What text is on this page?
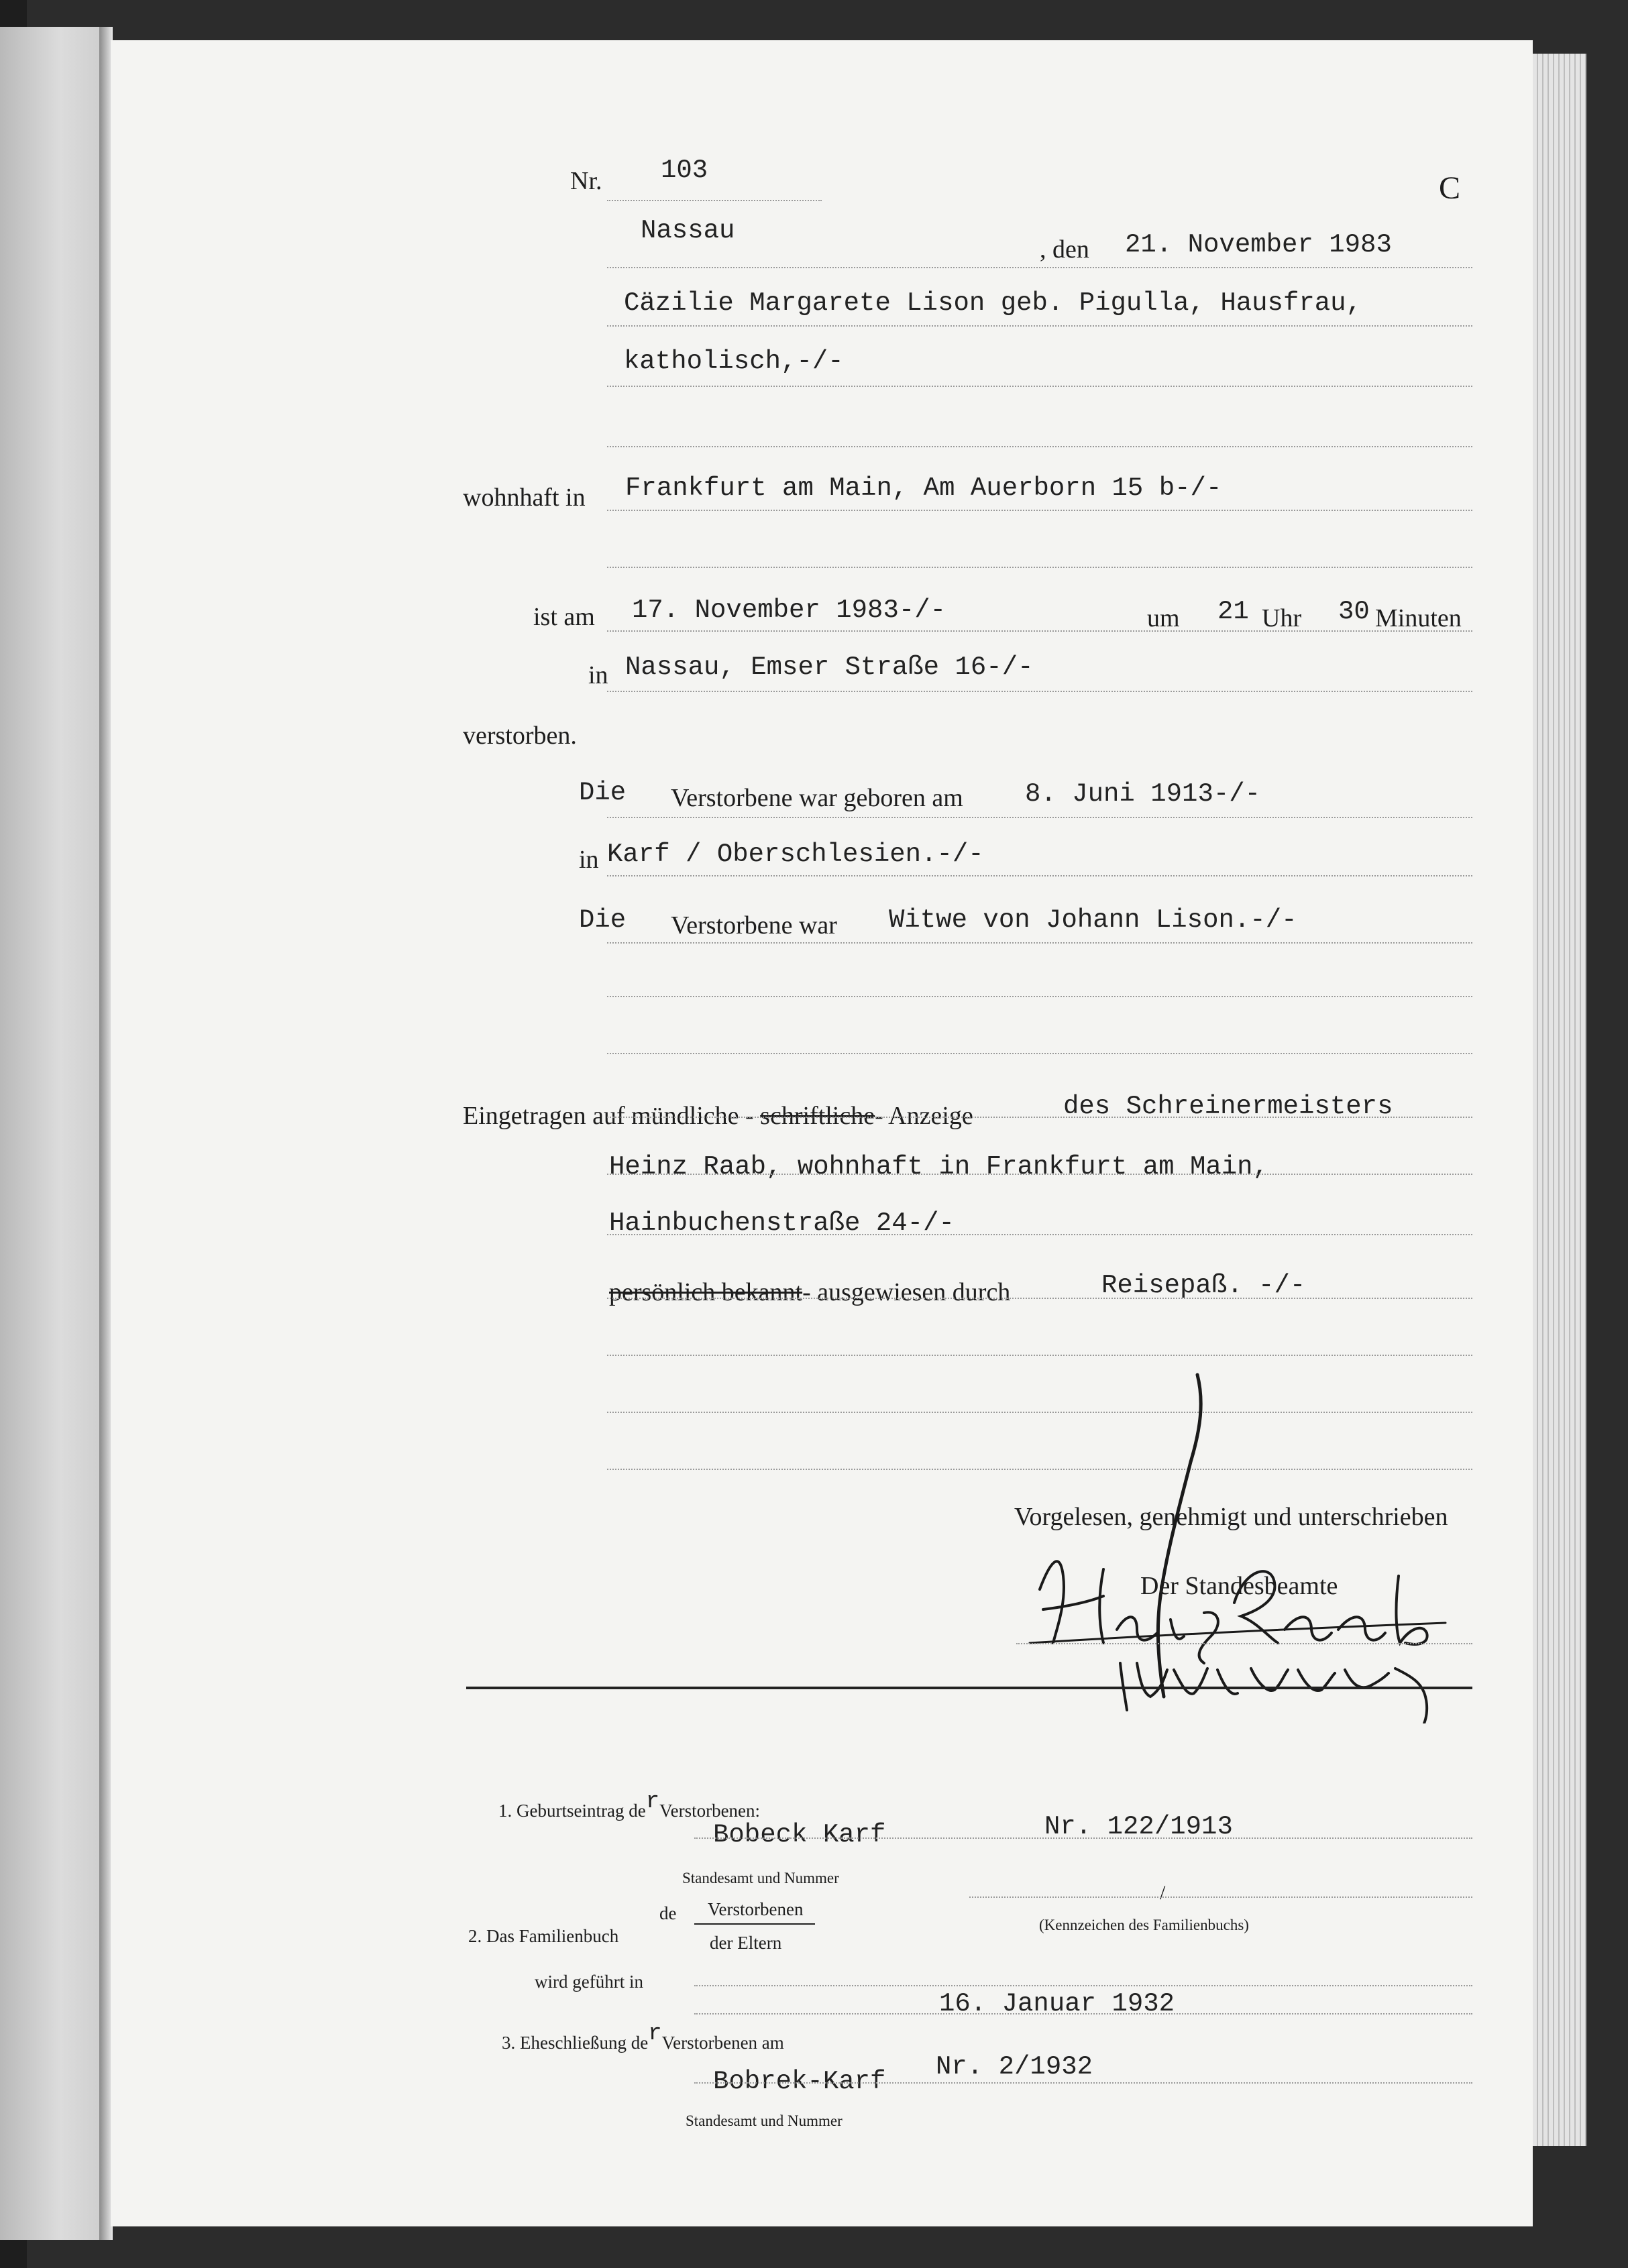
Nr. 103	C
Nassau
, den 21. November 1983
Cäzilie Margarete Lison geb. Pigulla, Hausfrau,
katholisch,-/-
wohnhaft in Frankfurt am Main, Am Auerborn 15 b-/-
ist am 17. November 1983-/-	um 21 Uhr 30 Minuten
in Nassau, Emser Straße 16-/-
verstorben.
Die Verstorbene war geboren am 8. Juni 1913-/-
in Karf / Oberschlesien.-/-
Die Verstorbene war Witwe von Johann Lison.-/-
Eingetragen auf mündliche - schriftliche- Anzeige	des Schreinermeisters
Heinz Raab, wohnhaft in Frankfurt am Main,
Hainbuchenstraße 24-/-
persönlich bekannt- ausgewiesen durch	Reisepaß. -/-
Vorgelesen, genehmigt und unterschrieben
Der Standesbeamte
1. Geburtseintrag derVerstorbenen:
Bobeck Karf	Nr. 122/1913
Standesamt und Nummer
2. Das Familienbuch
de Verstorbenen
der Eltern
/
(Kennzeichen des Familienbuchs)
wird geführt in
3. Eheschließung derVerstorbenen am
16. Januar 1932
Bobrek-Karf Nr. 2/1932
Standesamt und Nummer
